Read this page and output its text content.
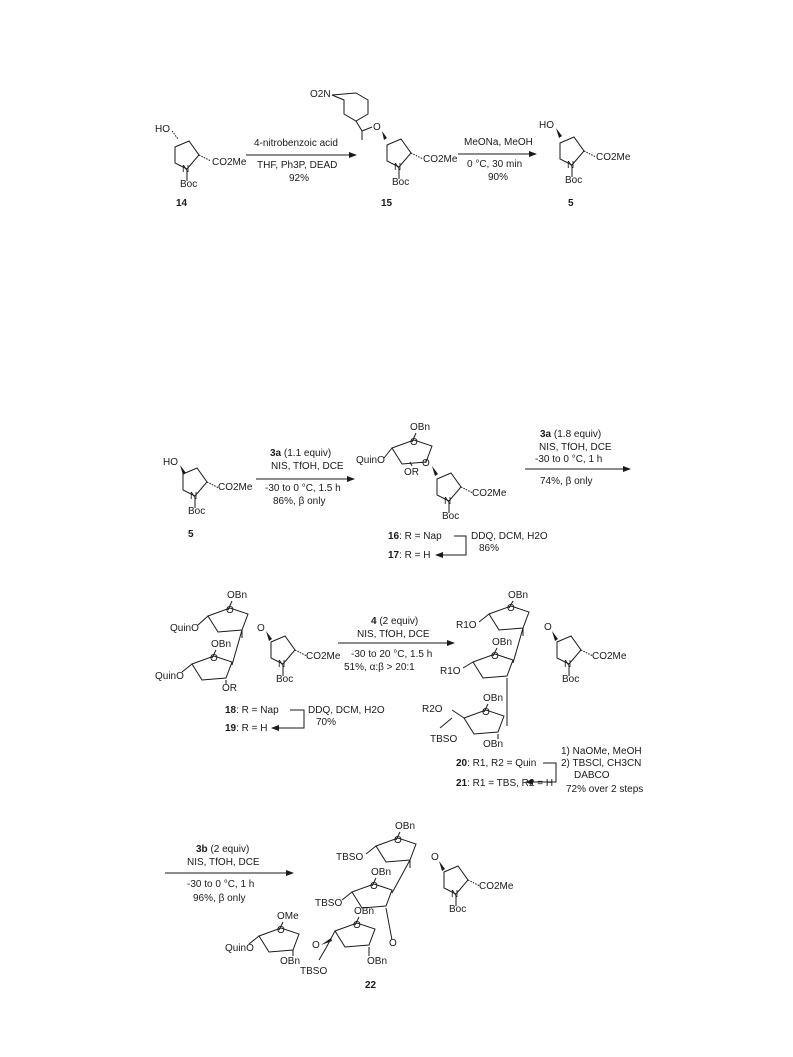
HO
N
Boc
CO2Me
14
4-nitrobenzoic acid
THF, Ph3P, DEAD
92%
O2N
O
N
Boc
CO2Me
15
MeONa, MeOH
0 °C, 30 min
90%
HO
N
Boc
CO2Me
5
HO
N
Boc
CO2Me
5
3a (1.1 equiv)
NIS, TfOH, DCE
-30 to 0 °C, 1.5 h
86%, β only
OBn
O
QuinO
OR
O
N
Boc
CO2Me
16: R = Nap
17: R = H
DDQ, DCM, H2O
86%
3a (1.8 equiv)
NIS, TfOH, DCE
-30 to 0 °C, 1 h
74%, β only
OBn
O
QuinO
OBn
O
QuinO
OR
O
N
Boc
CO2Me
18: R = Nap
19: R = H
DDQ, DCM, H2O
70%
4 (2 equiv)
NIS, TfOH, DCE
-30 to 20 °C, 1.5 h
51%, α:β > 20:1
OBn
O
R1O	O
N
Boc
CO2Me
OBn
O
R1O
OBn
O
R2O
TBSO	OBn
20: R1, R2 = Quin
21: R1 = TBS, R2 = H
1) NaOMe, MeOH
2) TBSCl, CH3CN
DABCO
72% over 2 steps
3b (2 equiv)
NIS, TfOH, DCE
-30 to 0 °C, 1 h
96%, β only
OBn
O
TBSO	O
N
Boc
CO2Me
OBn
O
TBSO
O
OMe
O
QuinO
OBn
O
OBn
O
TBSO
OBn
22
